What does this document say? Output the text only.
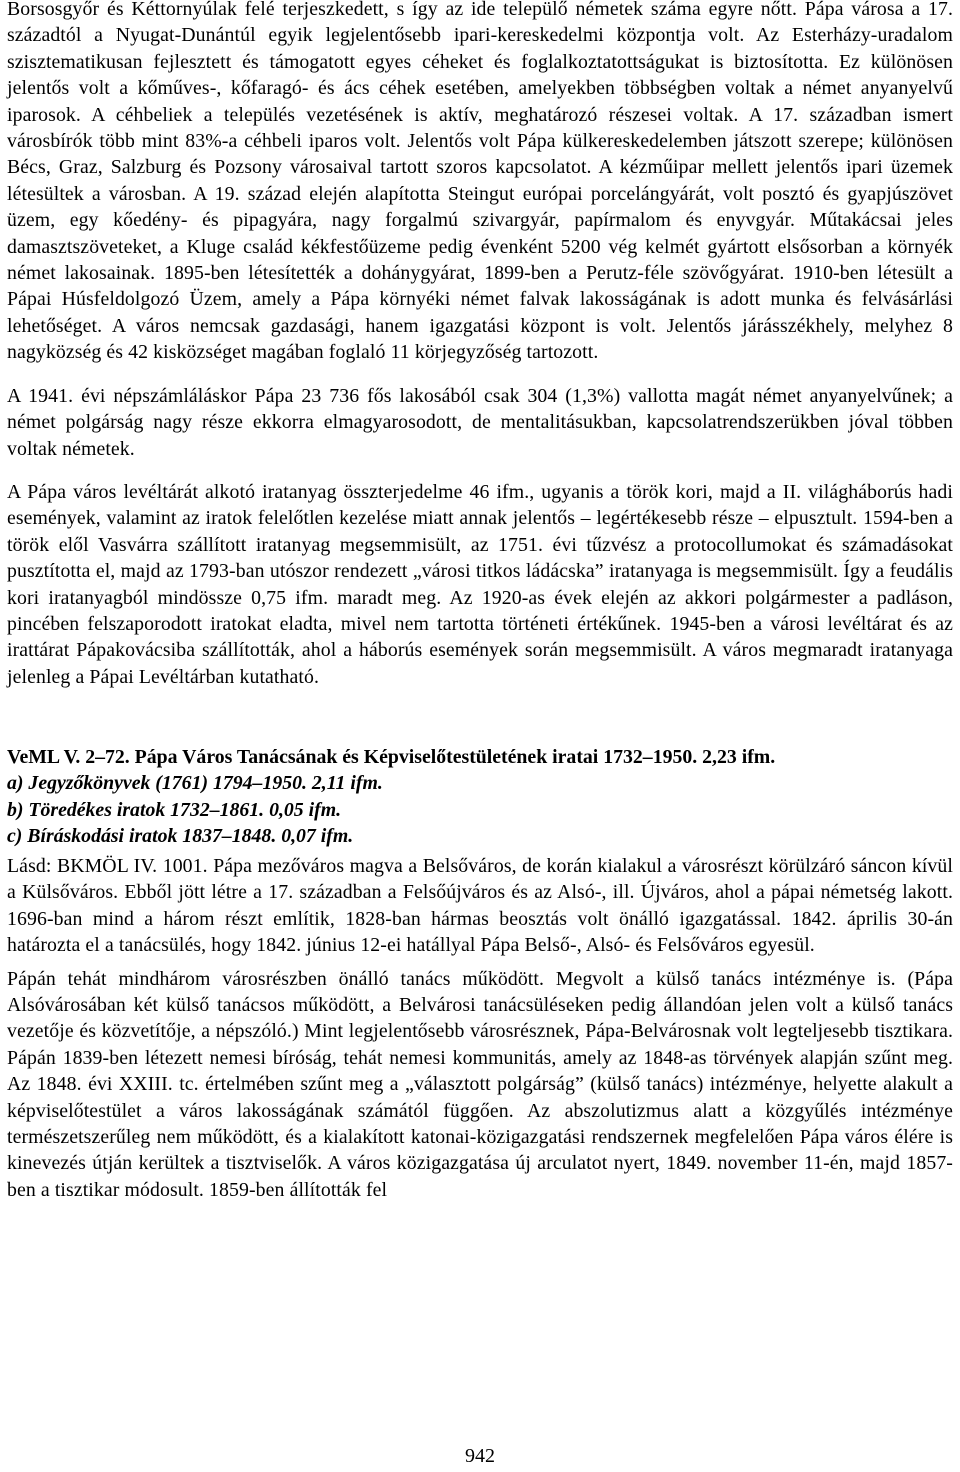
Borsosgyőr és Kéttornyúlak felé terjeszkedett, s így az ide települő németek száma egyre nőtt. Pápa városa a 17. századtól a Nyugat-Dunántúl egyik legjelentősebb ipari-kereskedelmi központja volt. Az Esterházy-uradalom szisztematikusan fejlesztett és támogatott egyes céheket és foglalkoztatottságukat is biztosította. Ez különösen jelentős volt a kőműves-, kőfaragó- és ács céhek esetében, amelyekben többségben voltak a német anyanyelvű iparosok. A céhbeliek a település vezetésének is aktív, meghatározó részesei voltak. A 17. században ismert városbírók több mint 83%-a céhbeli iparos volt. Jelentős volt Pápa külkereskedelemben játszott szerepe; különösen Bécs, Graz, Salzburg és Pozsony városaival tartott szoros kapcsolatot. A kézműipar mellett jelentős ipari üzemek létesültek a városban. A 19. század elején alapította Steingut európai porcelángyárát, volt posztó és gyapjúszövet üzem, egy kőedény- és pipagyára, nagy forgalmú szivargyár, papírmalom és enyvgyár. Műtakácsai jeles damasztszöveteket, a Kluge család kékfestőüzeme pedig évenként 5200 vég kelmét gyártott elsősorban a környék német lakosainak. 1895-ben létesítették a dohánygyárat, 1899-ben a Perutz-féle szövőgyárat. 1910-ben létesült a Pápai Húsfeldolgozó Üzem, amely a Pápa környéki német falvak lakosságának is adott munka és felvásárlási lehetőséget. A város nemcsak gazdasági, hanem igazgatási központ is volt. Jelentős járásszékhely, melyhez 8 nagyközség és 42 kisközséget magában foglaló 11 körjegyzőség tartozott.

A 1941. évi népszámláláskor Pápa 23 736 fős lakosából csak 304 (1,3%) vallotta magát német anyanyelvűnek; a német polgárság nagy része ekkorra elmagyarosodott, de mentalitásukban, kapcsolatrendszerükben jóval többen voltak németek.

A Pápa város levéltárát alkotó iratanyag összterjedelme 46 ifm., ugyanis a török kori, majd a II. világháborús hadi események, valamint az iratok felelőtlen kezelése miatt annak jelentős – legértékesebb része – elpusztult. 1594-ben a török elől Vasvárra szállított iratanyag megsemmisült, az 1751. évi tűzvész a protocollumokat és számadásokat pusztította el, majd az 1793-ban utószor rendezett „városi titkos ládácska” iratanyaga is megsemmisült. Így a feudális kori iratanyagból mindössze 0,75 ifm. maradt meg. Az 1920-as évek elején az akkori polgármester a padláson, pincében felszaporodott iratokat eladta, mivel nem tartotta történeti értékűnek. 1945-ben a városi levéltárat és az irattárat Pápakovácsiba szállították, ahol a háborús események során megsemmisült. A város megmaradt iratanyaga jelenleg a Pápai Levéltárban kutatható.

VeML V. 2–72. Pápa Város Tanácsának és Képviselőtestületének iratai 1732–1950. 2,23 ifm.

a) Jegyzőkönyvek (1761) 1794–1950. 2,11 ifm.

b) Töredékes iratok 1732–1861. 0,05 ifm.

c) Bíráskodási iratok 1837–1848. 0,07 ifm.

Lásd: BKMÖL IV. 1001. Pápa mezőváros magva a Belsőváros, de korán kialakul a városrészt körülzáró sáncon kívül a Külsőváros. Ebből jött létre a 17. században a Felsőújváros és az Alsó-, ill. Újváros, ahol a pápai németség lakott. 1696-ban mind a három részt említik, 1828-ban hármas beosztás volt önálló igazgatással. 1842. április 30-án határozta el a tanácsülés, hogy 1842. június 12-ei hatállyal Pápa Belső-, Alsó- és Felsőváros egyesül.

Pápán tehát mindhárom városrészben önálló tanács működött. Megvolt a külső tanács intézménye is. (Pápa Alsóvárosában két külső tanácsos működött, a Belvárosi tanácsüléseken pedig állandóan jelen volt a külső tanács vezetője és közvetítője, a népszóló.) Mint legjelentősebb városrésznek, Pápa-Belvárosnak volt legteljesebb tisztikara. Pápán 1839-ben létezett nemesi bíróság, tehát nemesi kommunitás, amely az 1848-as törvények alapján szűnt meg. Az 1848. évi XXIII. tc. értelmében szűnt meg a „választott polgárság” (külső tanács) intézménye, helyette alakult a képviselőtestület a város lakosságának számától függően. Az abszolutizmus alatt a közgyűlés intézménye természetszerűleg nem működött, és a kialakított katonai-közigazgatási rendszernek megfelelően Pápa város élére is kinevezés útján kerültek a tisztviselők. A város közigazgatása új arculatot nyert, 1849. november 11-én, majd 1857-ben a tisztikar módosult. 1859-ben állították fel

942
